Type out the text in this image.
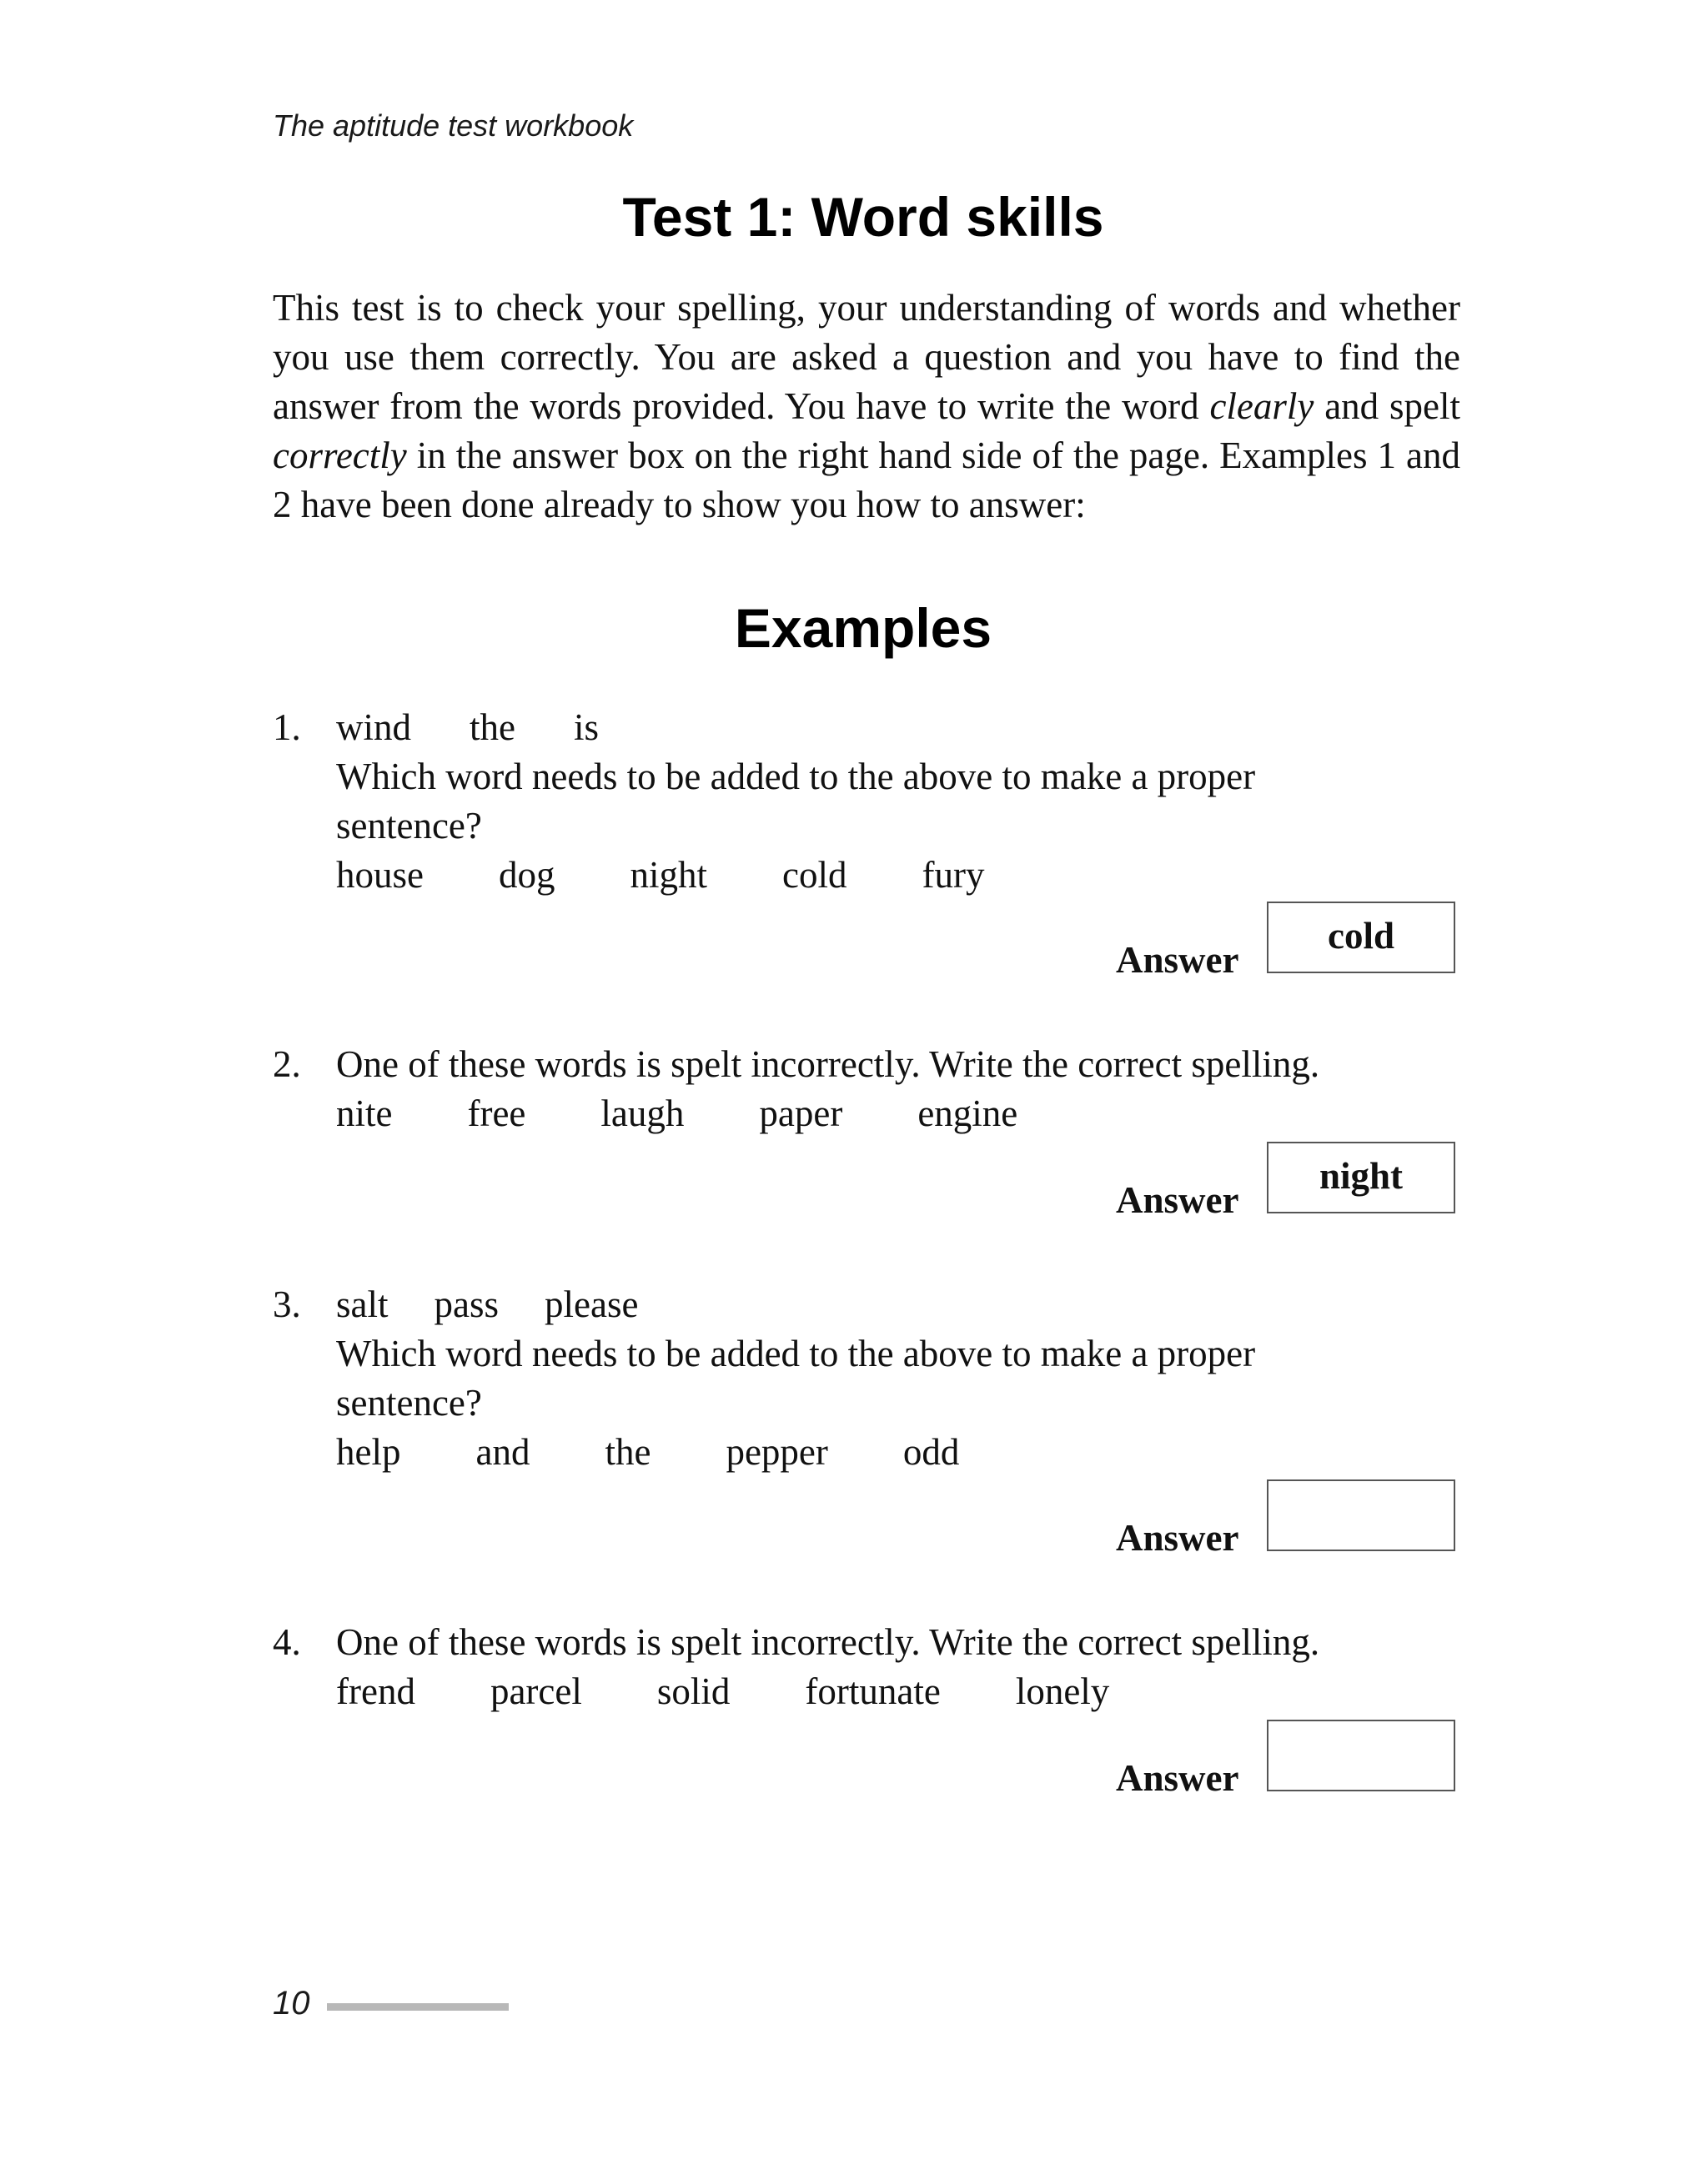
The aptitude test workbook
Test 1: Word skills

This test is to check your spelling, your understanding of words and whether you use them correctly. You are asked a question and you have to find the answer from the words provided. You have to write the word clearly and spelt correctly in the answer box on the right hand side of the page. Examples 1 and 2 have been done already to show you how to answer:

Examples
1. wind the is
Which word needs to be added to the above to make a proper
sentence?
house dog night cold fury
Answer
cold
2. One of these words is spelt incorrectly. Write the correct spelling.
nite free laugh paper engine
Answer
night
3. salt pass please
Which word needs to be added to the above to make a proper
sentence?
help and the pepper odd
Answer
4. One of these words is spelt incorrectly. Write the correct spelling.
frend parcel solid fortunate lonely
Answer
10
